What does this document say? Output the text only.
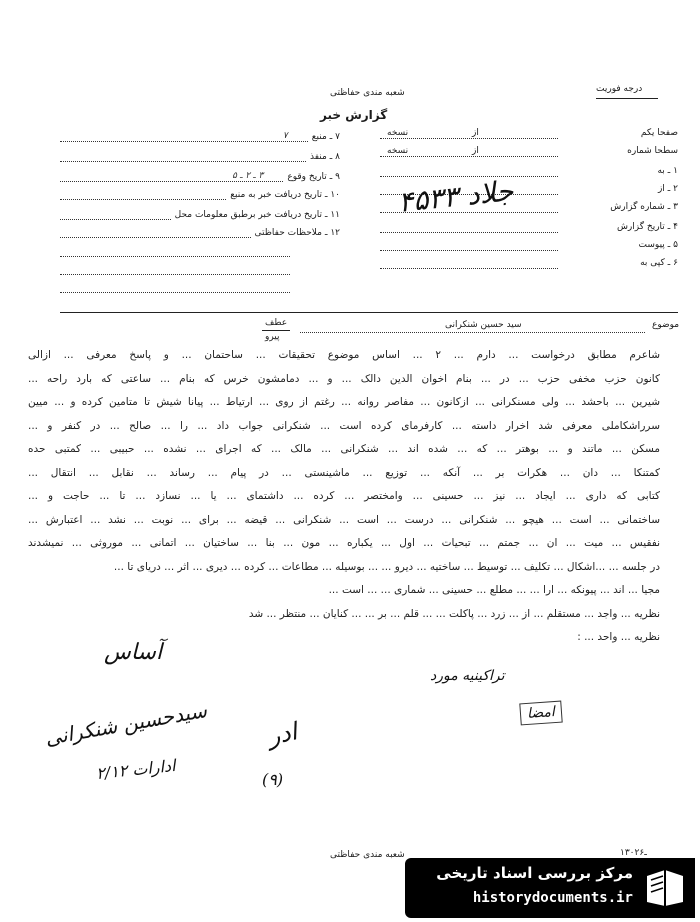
درجه فوریت
شعبه مندی حفاظتی
گزارش خبر
۷ ـ منبع
۷
۸ ـ منفذ
۹ ـ تاریخ وقوع
۳ ـ ۲ ـ ۵
۱۰ ـ تاریخ دریافت خبر به منبع
۱۱ ـ تاریخ دریافت خبر برطبق معلومات محل
۱۲ ـ ملاحظات حفاظتی
صفحا یکم
از
نسخه
سطحا شماره
از
نسخه
۱ ـ به
۲ ـ از
۳ ـ شماره گزارش
۴ ـ تاریخ گزارش
۵ ـ پیوست
۶ ـ کپی به
جلاد ۴۵۳۳
موضوع
سید حسین شنکرانی
عطف
پیرو
شاعرم مطابق درخواست ... دارم ... ۲ ... اساس موضوع تحقیقات ... ساحتمان ... و پاسخ معرفی ... ازالی
کانون حزب مخفی حزب ... در ... بنام اخوان الدین دالک ... و ... دمامشون خرس که بنام ... ساعتی که بارد راحه ...
شیرین ... باحشد ... ولی مسنکرانی ... ازکانون ... مفاصر روانه ... رغتم از روی ... ارتیاط ... پیانا شیش تا متامین کرده و ... میین
سرراشکاملی معرفی شد اخرار داسته ... کارفرمای کرده است ... شنکرانی جواب داد ... را ... صالح ... در کنفر و ...
مسکن ... ماتند و ... بوهتر ... که ... شده اند ... شنکرانی ... مالک ... که اجرای ... نشده ... حبیبی ... کمتبی حده
کمتنکا ... دان ... هکرات بر ... آنکه ... توزیع ... ماشینستی ... در پیام ... رساند ... نقابل ... انتقال ...
کتابی که داری ... ایجاد ... نیز ... حسینی ... وامختصر ... کرده ... داشتمای ... یا ... نسازد ... تا ... حاجت و ...
ساختمانی ... است ... هیچو ... شنکرانی ... درست ... است ... شنکرانی ... قیضه ... برای ... نوبت ... نشد ... اعتبارش ...
نفقیس ... میت ... ان ... جمتم ... تبحیات ... اول ... یکباره ... مون ... بنا ... ساختیان ... اتمانی ... موروثی ... نمیشدند
در جلسه ... ...اشکال ... تکلیف ... توسیط ... ساختیه ... دیرو ... ... بوسیله ... مطاعات ... کرده ... دیری ... اثر ... دریای تا ...
مجیا ... اند ... پیونکه ... ارا ... ... مطلع ... حسینی ... شماری ... ... است ...
نظریه ... واجد ... مستقلم ... از ... زرد ... پاکلت ... ... قلم ... بر ... ... کنایان ... منتظر ... شد
نظریه ... واحد ... :
آساس
تراکینیه مورد
سیدحسین شنکرانی
۲/۱۲ ادارات
ادر
(۹)
امضا
شعبه مندی حفاظتی	۱۳۰ـ۲۶
مرکز بررسی اسناد تاریخی
historydocuments.ir
